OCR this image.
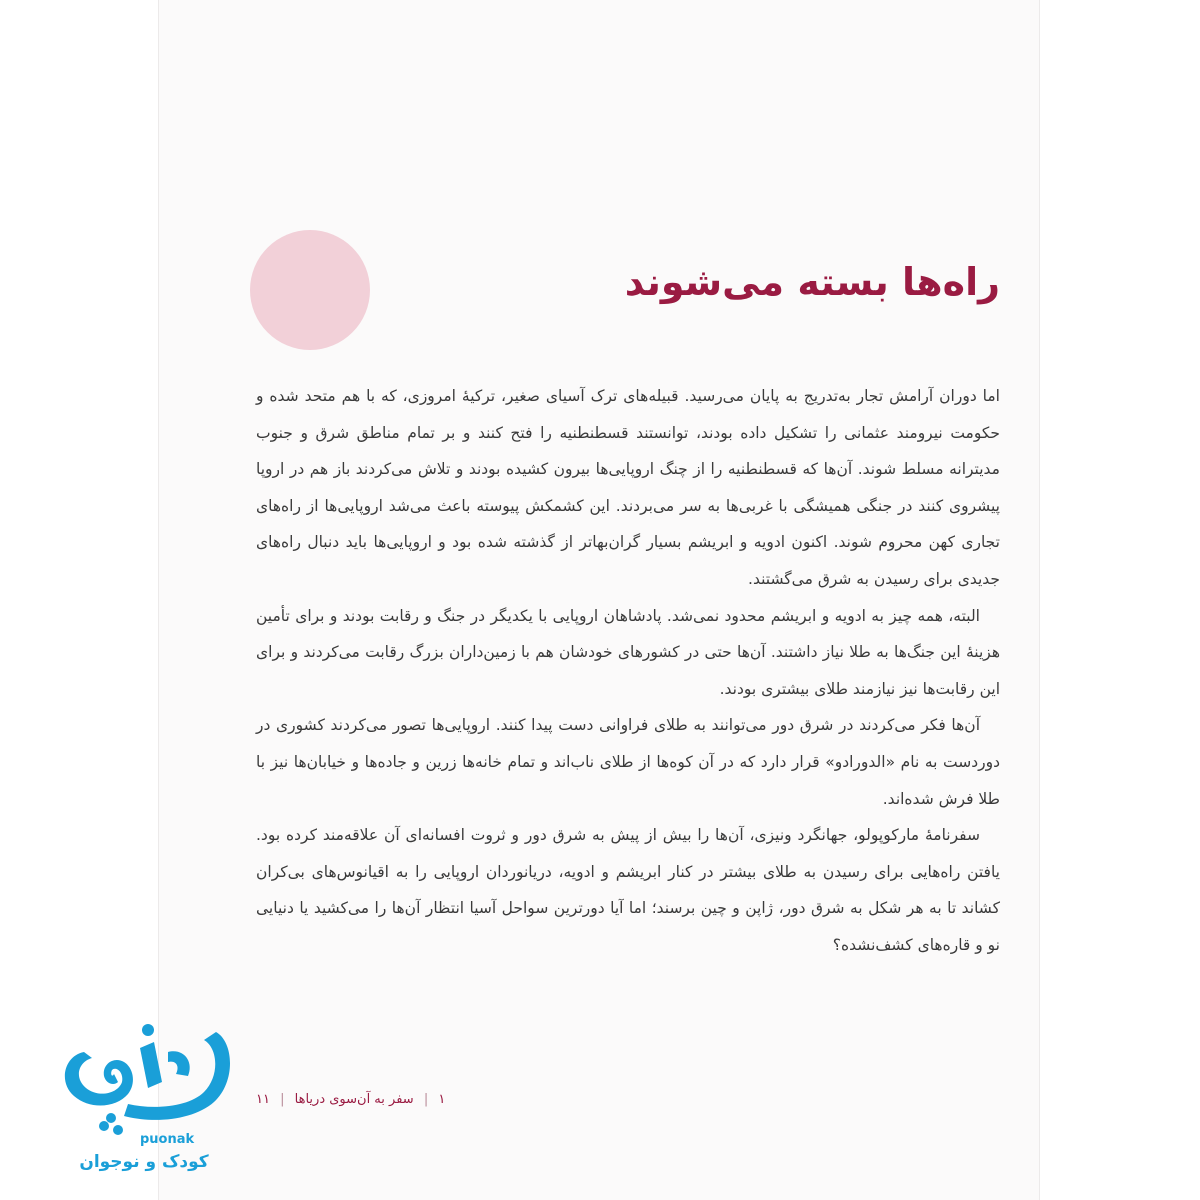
راه‌ها بسته می‌شوند

اما دوران آرامش تجار به‌تدریج به پایان می‌رسید. قبیله‌های ترک آسیای صغیر، ترکیهٔ امروزی، که با هم متحد شده و حکومت نیرومند عثمانی را تشکیل داده بودند، توانستند قسطنطنیه را فتح کنند و بر تمام مناطق شرق و جنوب مدیترانه مسلط شوند. آن‌ها که قسطنطنیه را از چنگ اروپایی‌ها بیرون کشیده بودند و تلاش می‌کردند باز هم در اروپا پیشروی کنند در جنگی همیشگی با غربی‌ها به سر می‌بردند. این کشمکش پیوسته باعث می‌شد اروپایی‌ها از راه‌های تجاری کهن محروم شوند. اکنون ادویه و ابریشم بسیار گران‌بهاتر از گذشته شده بود و اروپایی‌ها باید دنبال راه‌های جدیدی برای رسیدن به شرق می‌گشتند.

البته، همه چیز به ادویه و ابریشم محدود نمی‌شد. پادشاهان اروپایی با یکدیگر در جنگ و رقابت بودند و برای تأمین هزینهٔ این جنگ‌ها به طلا نیاز داشتند. آن‌ها حتی در کشورهای خودشان هم با زمین‌داران بزرگ رقابت می‌کردند و برای این رقابت‌ها نیز نیازمند طلای بیشتری بودند.

آن‌ها فکر می‌کردند در شرق دور می‌توانند به طلای فراوانی دست پیدا کنند. اروپایی‌ها تصور می‌کردند کشوری در دوردست به نام «الدورادو» قرار دارد که در آن کوه‌ها از طلای ناب‌اند و تمام خانه‌ها زرین و جاده‌ها و خیابان‌ها نیز با طلا فرش شده‌اند.

سفرنامهٔ مارکوپولو، جهانگرد ونیزی، آن‌ها را بیش از پیش به شرق دور و ثروت افسانه‌ای آن علاقه‌مند کرده بود. یافتن راه‌هایی برای رسیدن به طلای بیشتر در کنار ابریشم و ادویه، دریانوردان اروپایی را به اقیانوس‌های بی‌کران کشاند تا به هر شکل به شرق دور، ژاپن و چین برسند؛ اما آیا دورترین سواحل آسیا انتظار آن‌ها را می‌کشید یا دنیایی نو و قاره‌های کشف‌نشده؟

۱ | سفر به آن‌سوی دریاها | ۱۱
puonak
کودک و نوجوان
